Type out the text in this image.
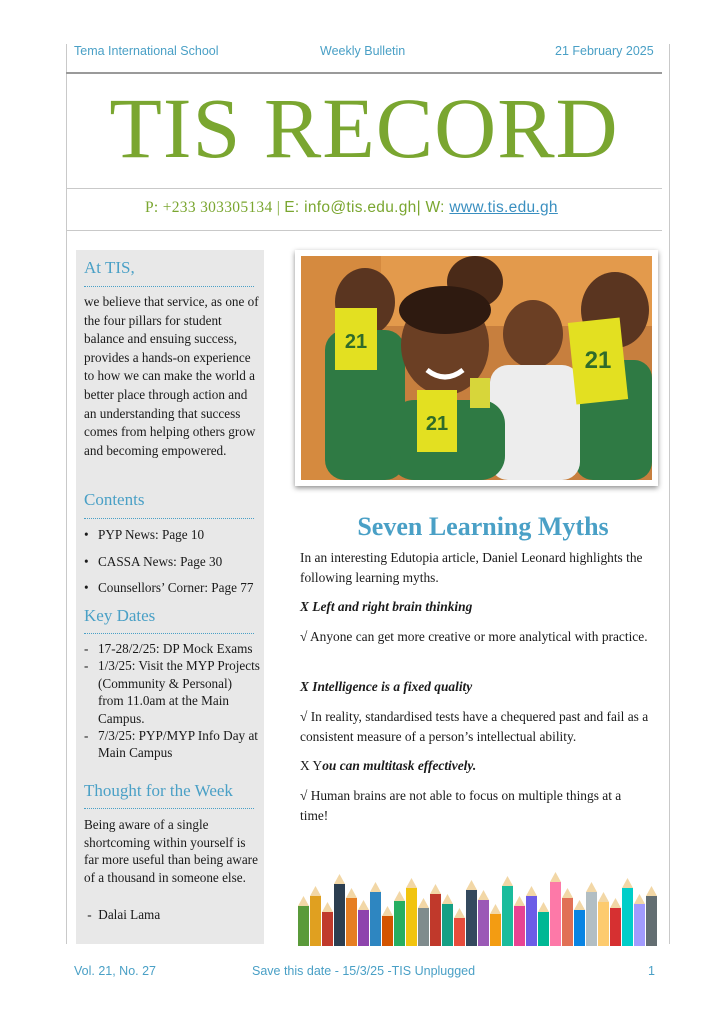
Tema International School	Weekly Bulletin	21 February 2025
TIS RECORD
P: +233 303305134 | E: info@tis.edu.gh| W: www.tis.edu.gh
At TIS,
we believe that service, as one of the four pillars for student balance and ensuing success, provides a hands-on experience to how we can make the world a better place through action and an understanding that success comes from helping others grow and becoming empowered.
Contents
• PYP News: Page 10
• CASSA News: Page 30
• Counsellors’ Corner: Page 77
Key Dates
- 17-28/2/25: DP Mock Exams
- 1/3/25: Visit the MYP Projects (Community & Personal) from 11.0am at the Main Campus.
- 7/3/25: PYP/MYP Info Day at Main Campus
Thought for the Week
Being aware of a single shortcoming within yourself is far more useful than being aware of a thousand in someone else.
-  Dalai Lama
21
21
21
Seven Learning Myths
In an interesting Edutopia article, Daniel Leonard highlights the following learning myths.
X Left and right brain thinking
√ Anyone can get more creative or more analytical with practice.
X Intelligence is a fixed quality
√ In reality, standardised tests have a chequered past and fail as a consistent measure of a person’s intellectual ability.
X You can multitask effectively.
√ Human brains are not able to focus on multiple things at a time!
Vol. 21, No. 27	Save this date - 15/3/25 -TIS Unplugged	1
